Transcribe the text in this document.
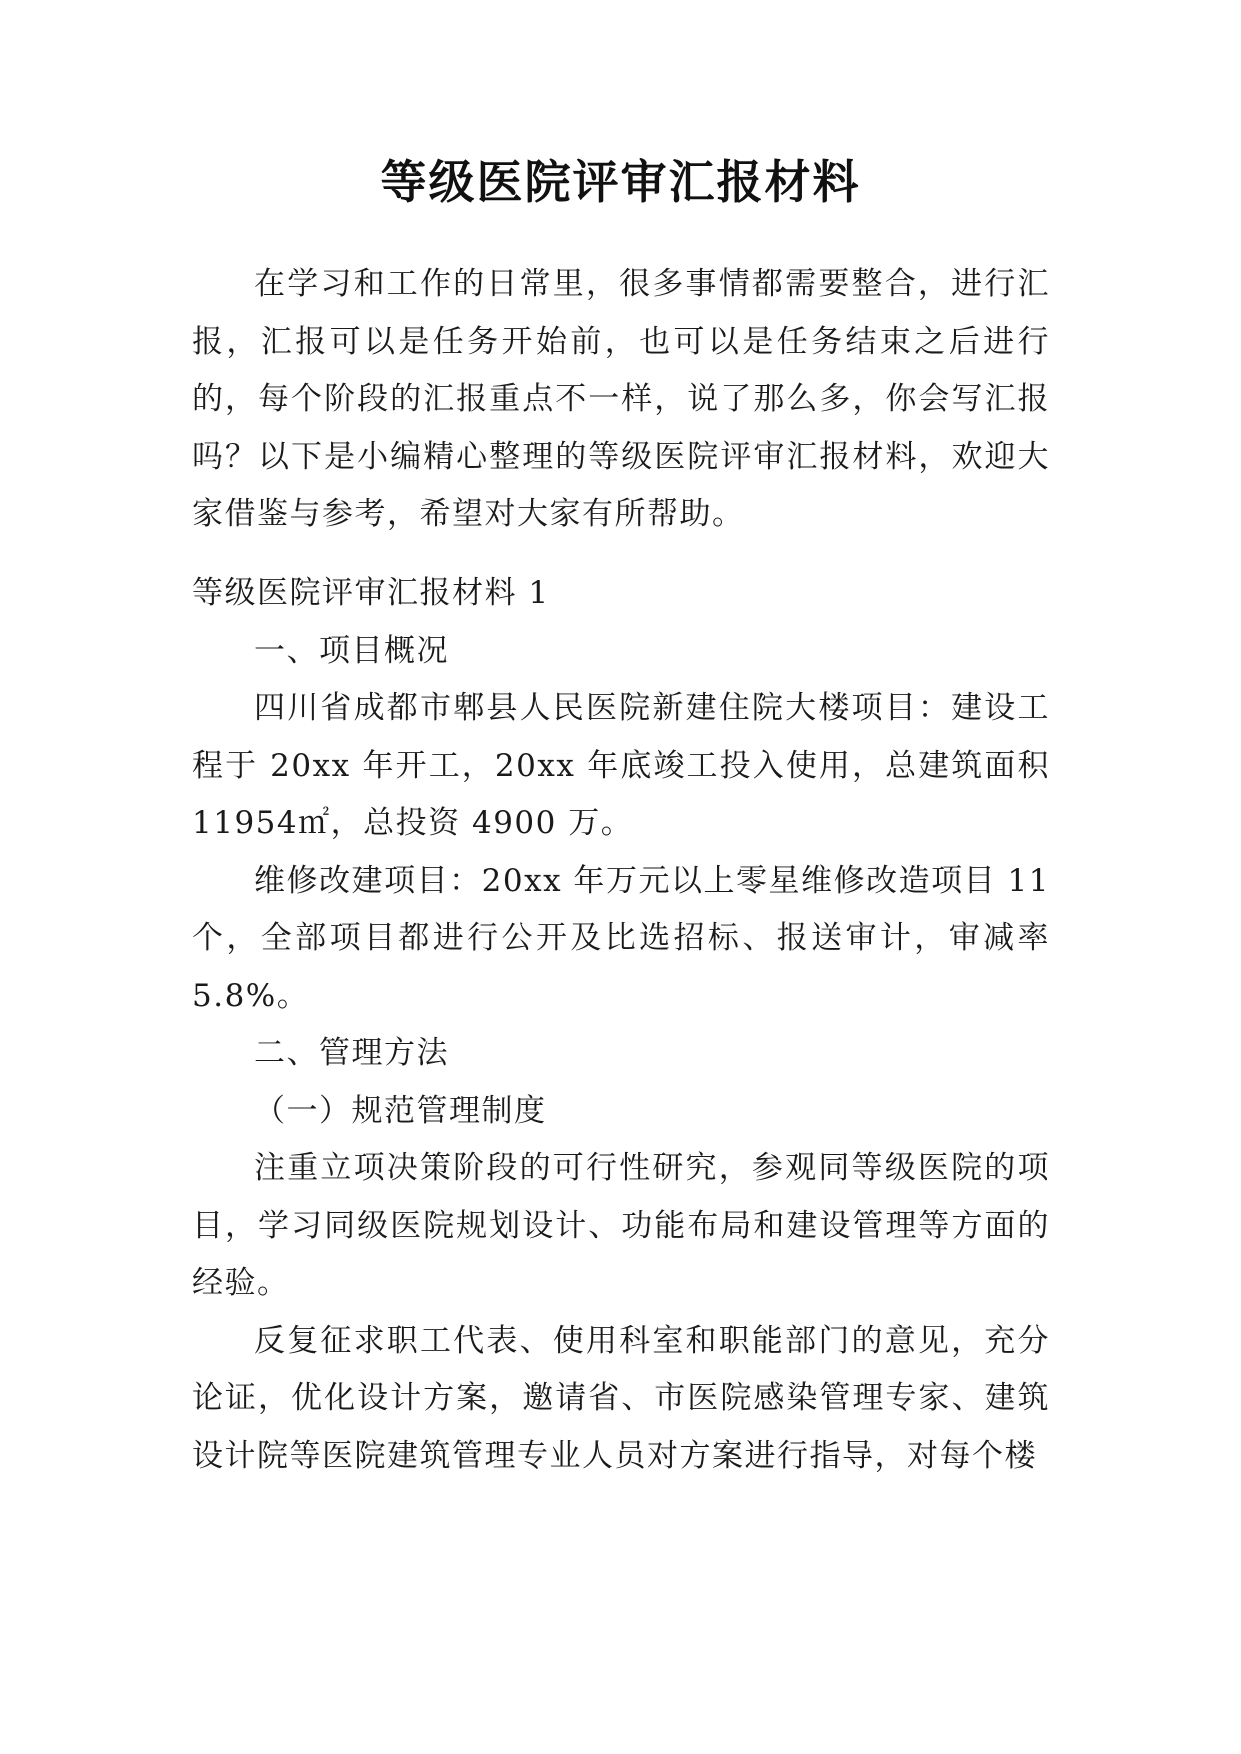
等级医院评审汇报材料

在学习和工作的日常里，很多事情都需要整合，进行汇报，汇报可以是任务开始前，也可以是任务结束之后进行的，每个阶段的汇报重点不一样，说了那么多，你会写汇报吗？以下是小编精心整理的等级医院评审汇报材料，欢迎大家借鉴与参考，希望对大家有所帮助。

等级医院评审汇报材料 1

一、项目概况

四川省成都市郫县人民医院新建住院大楼项目：建设工程于 20xx 年开工，20xx 年底竣工投入使用，总建筑面积 11954㎡，总投资 4900 万。

维修改建项目：20xx 年万元以上零星维修改造项目 11 个，全部项目都进行公开及比选招标、报送审计，审减率 5.8%。

二、管理方法

（一）规范管理制度

注重立项决策阶段的可行性研究，参观同等级医院的项目，学习同级医院规划设计、功能布局和建设管理等方面的经验。

反复征求职工代表、使用科室和职能部门的意见，充分论证，优化设计方案，邀请省、市医院感染管理专家、建筑设计院等医院建筑管理专业人员对方案进行指导，对每个楼
